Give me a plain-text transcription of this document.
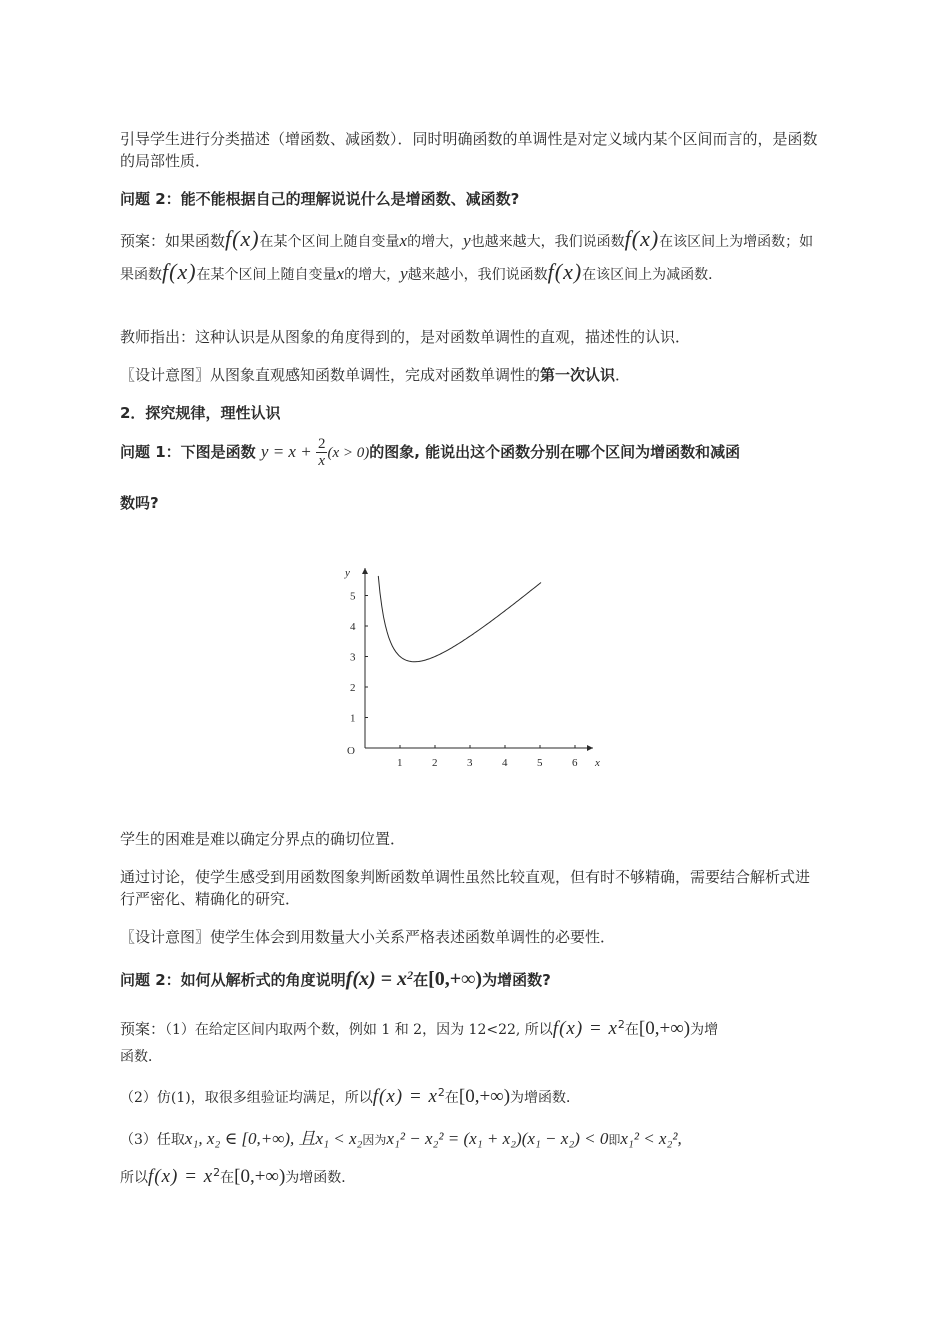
引导学生进行分类描述（增函数、减函数）．同时明确函数的单调性是对定义域内某个区间而言的，是函数的局部性质．

问题 2：能不能根据自己的理解说说什么是增函数、减函数?

预案：如果函数f(x)在某个区间上随自变量x的增大，y也越来越大，我们说函数f(x)在该区间上为增函数；如果函数f(x)在某个区间上随自变量x的增大，y越来越小，我们说函数f(x)在该区间上为减函数．

教师指出：这种认识是从图象的角度得到的，是对函数单调性的直观，描述性的认识．

〖设计意图〗从图象直观感知函数单调性，完成对函数单调性的第一次认识．

2．探究规律，理性认识

问题 1：下图是函数 $y = x + \frac{2}{x} (x > 0)$的图象, 能说出这个函数分别在哪个区间为增函数和减函

数吗?

x
y
O
1	2	3	4	5	6
1
2
3
4
5

学生的困难是难以确定分界点的确切位置．

通过讨论，使学生感受到用函数图象判断函数单调性虽然比较直观，但有时不够精确，需要结合解析式进行严密化、精确化的研究．

〖设计意图〗使学生体会到用数量大小关系严格表述函数单调性的必要性．

问题 2：如何从解析式的角度说明$f(x) = x^2$在[0,+∞)为增函数?
预案：（1）在给定区间内取两个数，例如 1 和 2，因为 12<22, 所以$f(x) = x^2$在[0,+∞)为增

函数．

（2）仿(1)，取很多组验证均满足，所以$f(x) = x^2$在[0,+∞)为增函数．
（3）任取x₁, x₂ ∈ [0,+∞), 且x₁ < x₂因为x₁² − x₂² = (x₁ + x₂)(x₁ − x₂) < 0即x₁² < x₂²,
所以$f(x) = x^2$在[0,+∞)为增函数．
